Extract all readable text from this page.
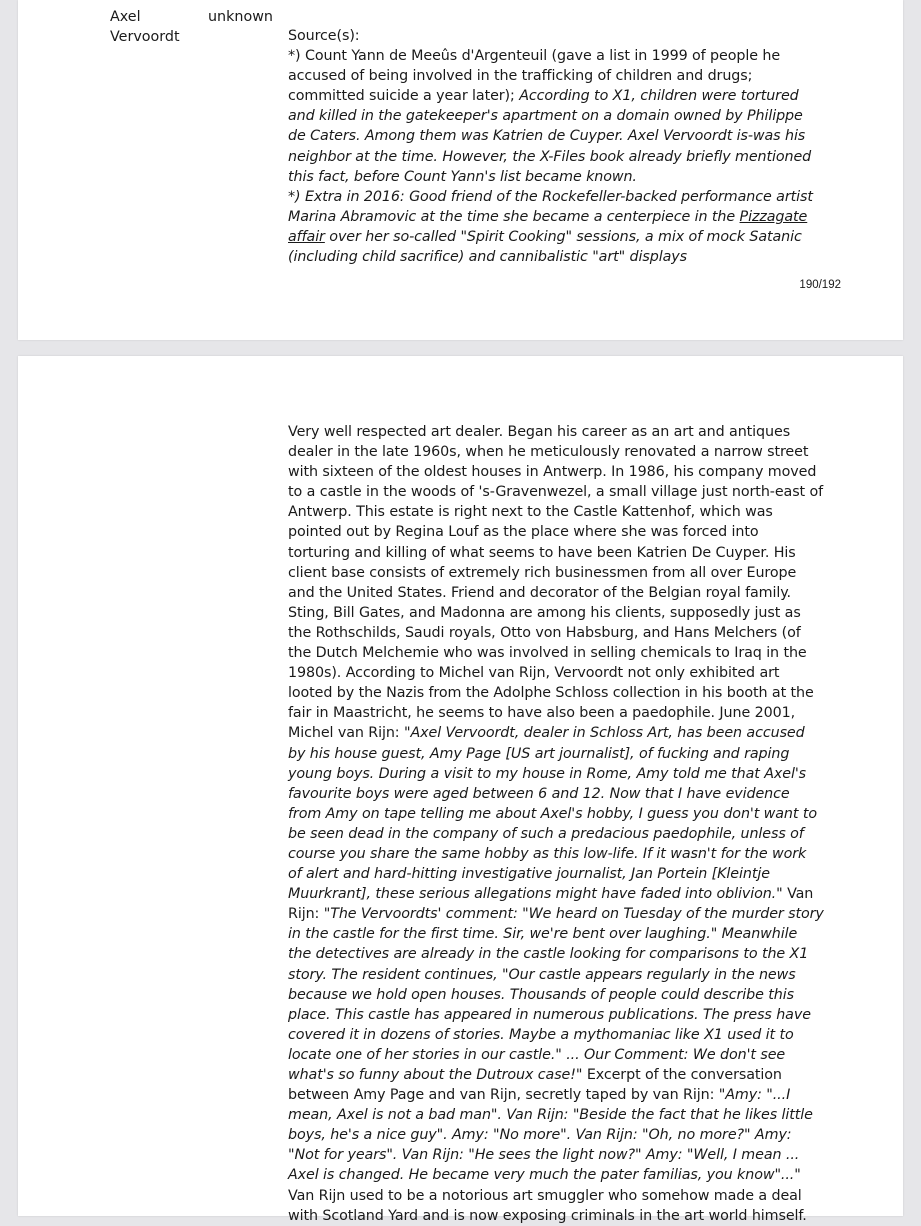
Axel Vervoordt
unknown

Source(s):

*) Count Yann de Meeûs d'Argenteuil (gave a list in 1999 of people he accused of being involved in the trafficking of children and drugs; committed suicide a year later); According to X1, children were tortured and killed in the gatekeeper's apartment on a domain owned by Philippe de Caters. Among them was Katrien de Cuyper. Axel Vervoordt is-was his neighbor at the time. However, the X-Files book already briefly mentioned this fact, before Count Yann's list became known.

*) Extra in 2016: Good friend of the Rockefeller-backed performance artist Marina Abramovic at the time she became a centerpiece in the Pizzagate affair over her so-called "Spirit Cooking" sessions, a mix of mock Satanic (including child sacrifice) and cannibalistic "art" displays

190/192

Very well respected art dealer. Began his career as an art and antiques dealer in the late 1960s, when he meticulously renovated a narrow street with sixteen of the oldest houses in Antwerp. In 1986, his company moved to a castle in the woods of 's-Gravenwezel, a small village just north-east of Antwerp. This estate is right next to the Castle Kattenhof, which was pointed out by Regina Louf as the place where she was forced into torturing and killing of what seems to have been Katrien De Cuyper. His client base consists of extremely rich businessmen from all over Europe and the United States. Friend and decorator of the Belgian royal family. Sting, Bill Gates, and Madonna are among his clients, supposedly just as the Rothschilds, Saudi royals, Otto von Habsburg, and Hans Melchers (of the Dutch Melchemie who was involved in selling chemicals to Iraq in the 1980s). According to Michel van Rijn, Vervoordt not only exhibited art looted by the Nazis from the Adolphe Schloss collection in his booth at the fair in Maastricht, he seems to have also been a paedophile. June 2001, Michel van Rijn: "Axel Vervoordt, dealer in Schloss Art, has been accused by his house guest, Amy Page [US art journalist], of fucking and raping young boys. During a visit to my house in Rome, Amy told me that Axel's favourite boys were aged between 6 and 12. Now that I have evidence from Amy on tape telling me about Axel's hobby, I guess you don't want to be seen dead in the company of such a predacious paedophile, unless of course you share the same hobby as this low-life. If it wasn't for the work of alert and hard-hitting investigative journalist, Jan Portein [Kleintje Muurkrant], these serious allegations might have faded into oblivion." Van Rijn: "The Vervoordts' comment: "We heard on Tuesday of the murder story in the castle for the first time. Sir, we're bent over laughing." Meanwhile the detectives are already in the castle looking for comparisons to the X1 story. The resident continues, "Our castle appears regularly in the news because we hold open houses. Thousands of people could describe this place. This castle has appeared in numerous publications. The press have covered it in dozens of stories. Maybe a mythomaniac like X1 used it to locate one of her stories in our castle." ... Our Comment: We don't see what's so funny about the Dutroux case!" Excerpt of the conversation between Amy Page and van Rijn, secretly taped by van Rijn: "Amy: "...I mean, Axel is not a bad man". Van Rijn: "Beside the fact that he likes little boys, he's a nice guy". Amy: "No more". Van Rijn: "Oh, no more?" Amy: "Not for years". Van Rijn: "He sees the light now?" Amy: "Well, I mean ... Axel is changed. He became very much the pater familias, you know"..." Van Rijn used to be a notorious art smuggler who somehow made a deal with Scotland Yard and is now exposing criminals in the art world himself.
